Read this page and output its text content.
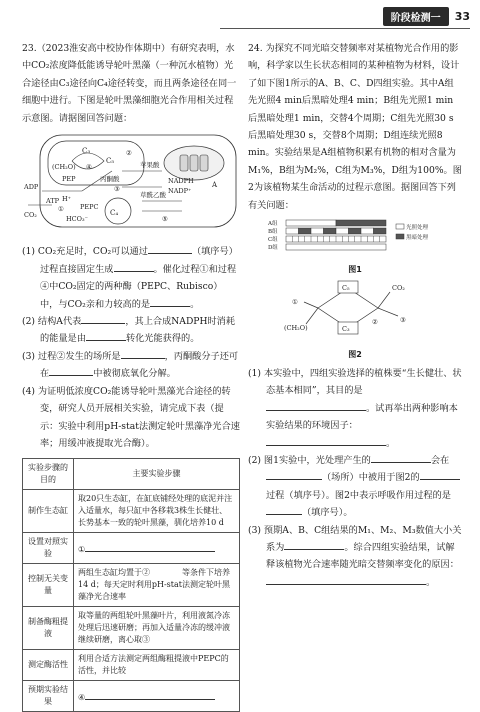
阶段检测一	33

23.（2023淮安高中校协作体期中）有研究表明，水中CO₂浓度降低能诱导轮叶黑藻（一种沉水植物）光合途径由C₃途径向C₄途径转变，而且两条途径在同一细胞中进行。下图是轮叶黑藻细胞光合作用相关过程示意图。请据图回答问题：

C₃
C₅
(CH₂O) ④
PEP	丙酮酸
③
苹果酸
草酰乙酸
NADPH
NADP⁺
A
C₄
⑤
ADP
ATP
PEPC
H⁺
CO₂	HCO₃⁻
①
②

(1) CO₂充足时，CO₂可以通过	（填序号）过程直接固定生成	。催化过程①和过程④中CO₂固定的两种酶（PEPC、Rubisco）中，与CO₂亲和力较高的是	。

(2) 结构A代表	，其上合成NADPH时消耗的能量是由	转化光能获得的。

(3) 过程②发生的场所是	，丙酮酸分子还可在	中被彻底氧化分解。

(4) 为证明低浓度CO₂能诱导轮叶黑藻光合途径的转变，研究人员开展相关实验，请完成下表（提示：实验中利用pH-stat法测定轮叶黑藻净光合速率；用缓冲液提取光合酶）。

实验步骤的目的	主要实验步骤
制作生态缸	取20只生态缸，在缸底铺经处理的底泥并注入适量水，每只缸中各移栽3株生长健壮、长势基本一致的轮叶黑藻，驯化培养10 d
设置对照实验	①
控制无关变量	两组生态缸均置于②　　　　等条件下培养14 d；每天定时利用pH-stat法测定轮叶黑藻净光合速率
制备酶粗提液	取等量的两组轮叶黑藻叶片，利用液氮冷冻处理后迅速研磨；再加入适量冷冻的缓冲液继续研磨，离心取③
测定酶活性	利用合适方法测定两组酶粗提液中PEPC的活性，并比较
预期实验结果	④

24. 为探究不同光暗交替频率对某植物光合作用的影响，科学家以生长状态相同的某种植物为材料，设计了如下图1所示的A、B、C、D四组实验。其中A组先光照4 min后黑暗处理4 min；B组先光照1 min后黑暗处理1 min，交替4个周期；C组先光照30 s后黑暗处理30 s，交替8个周期；D组连续光照8 min。实验结果是A组植物积累有机物的相对含量为M₁%，B组为M₂%，C组为M₃%，D组为100%。图2为该植物某生命活动的过程示意图。据图回答下列有关问题：

A组
B组
C组
D组
光照处理
黑暗处理
图1
C₅
C₃
CO₂
(CH₂O)
①
②	③
图2

(1) 本实验中，四组实验选择的植株要“生长健壮、状态基本相同”，其目的是。试再举出两种影响本实验结果的环境因子：。

(2) 图1实验中，光处理产生的	会在（场所）中被用于图2的过程（填序号）。图2中表示呼吸作用过程的是（填序号）。

(3) 预期A、B、C组结果的M₁、M₂、M₃数值大小关系为	。综合四组实验结果，试解释该植物光合速率随光暗交替频率变化的原因：。
